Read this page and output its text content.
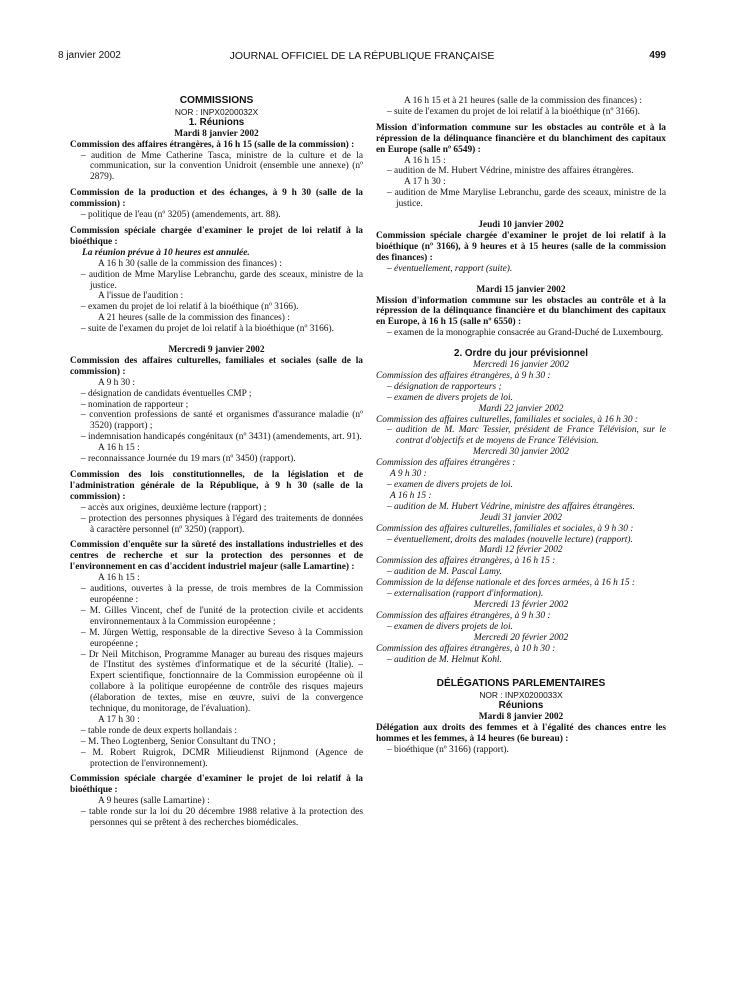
8 janvier 2002	JOURNAL OFFICIEL DE LA RÉPUBLIQUE FRANÇAISE	499

COMMISSIONS

NOR : INPX0200032X

1. Réunions

Mardi 8 janvier 2002

Commission des affaires étrangères, à 16 h 15 (salle de la commission) :

– audition de Mme Catherine Tasca, ministre de la culture et de la communication, sur la convention Unidroit (ensemble une annexe) (nº 2879).

Commission de la production et des échanges, à 9 h 30 (salle de la commission) :

– politique de l'eau (nº 3205) (amendements, art. 88).

Commission spéciale chargée d'examiner le projet de loi relatif à la bioéthique :

La réunion prévue à 10 heures est annulée.

A 16 h 30 (salle de la commission des finances) :

– audition de Mme Marylise Lebranchu, garde des sceaux, ministre de la justice.

A l'issue de l'audition :

– examen du projet de loi relatif à la bioéthique (nº 3166).

A 21 heures (salle de la commission des finances) :

– suite de l'examen du projet de loi relatif à la bioéthique (nº 3166).

Mercredi 9 janvier 2002

Commission des affaires culturelles, familiales et sociales (salle de la commission) :

A 9 h 30 :

– désignation de candidats éventuelles CMP ;

– nomination de rapporteur ;

– convention professions de santé et organismes d'assurance maladie (nº 3520) (rapport) ;

– indemnisation handicapés congénitaux (nº 3431) (amendements, art. 91).

A 16 h 15 :

– reconnaissance Journée du 19 mars (nº 3450) (rapport).

Commission des lois constitutionnelles, de la législation et de l'administration générale de la République, à 9 h 30 (salle de la commission) :

– accès aux origines, deuxième lecture (rapport) ;

– protection des personnes physiques à l'égard des traitements de données à caractère personnel (nº 3250) (rapport).

Commission d'enquête sur la sûreté des installations industrielles et des centres de recherche et sur la protection des personnes et de l'environnement en cas d'accident industriel majeur (salle Lamartine) :

A 16 h 15 :

– auditions, ouvertes à la presse, de trois membres de la Commission européenne :

– M. Gilles Vincent, chef de l'unité de la protection civile et accidents environnementaux à la Commission européenne ;

– M. Jürgen Wettig, responsable de la directive Seveso à la Commission européenne ;

– Dr Neil Mitchison, Programme Manager au bureau des risques majeurs de l'Institut des systèmes d'informatique et de la sécurité (Italie). – Expert scientifique, fonctionnaire de la Commission européenne où il collabore à la politique européenne de contrôle des risques majeurs (élaboration de textes, mise en œuvre, suivi de la convergence technique, du monitorage, de l'évaluation).

A 17 h 30 :

– table ronde de deux experts hollandais :

– M. Theo Logtenberg, Senior Consultant du TNO ;

– M. Robert Ruigrok, DCMR Milieudienst Rijnmond (Agence de protection de l'environnement).

Commission spéciale chargée d'examiner le projet de loi relatif à la bioéthique :

A 9 heures (salle Lamartine) :

– table ronde sur la loi du 20 décembre 1988 relative à la protection des personnes qui se prêtent à des recherches biomédicales.

A 16 h 15 et à 21 heures (salle de la commission des finances) :

– suite de l'examen du projet de loi relatif à la bioéthique (nº 3166).

Mission d'information commune sur les obstacles au contrôle et à la répression de la délinquance financière et du blanchiment des capitaux en Europe (salle nº 6549) :

A 16 h 15 :

– audition de M. Hubert Védrine, ministre des affaires étrangères.

A 17 h 30 :

– audition de Mme Marylise Lebranchu, garde des sceaux, ministre de la justice.

Jeudi 10 janvier 2002

Commission spéciale chargée d'examiner le projet de loi relatif à la bioéthique (nº 3166), à 9 heures et à 15 heures (salle de la commission des finances) :

– éventuellement, rapport (suite).

Mardi 15 janvier 2002

Mission d'information commune sur les obstacles au contrôle et à la répression de la délinquance financière et du blanchiment des capitaux en Europe, à 16 h 15 (salle nº 6550) :

– examen de la monographie consacrée au Grand-Duché de Luxembourg.

2. Ordre du jour prévisionnel

Mercredi 16 janvier 2002

Commission des affaires étrangères, à 9 h 30 :

– désignation de rapporteurs ;

– examen de divers projets de loi.

Mardi 22 janvier 2002

Commission des affaires culturelles, familiales et sociales, à 16 h 30 :

– audition de M. Marc Tessier, président de France Télévision, sur le contrat d'objectifs et de moyens de France Télévision.

Mercredi 30 janvier 2002

Commission des affaires étrangères :

A 9 h 30 :

– examen de divers projets de loi.

A 16 h 15 :

– audition de M. Hubert Védrine, ministre des affaires étrangères.

Jeudi 31 janvier 2002

Commission des affaires culturelles, familiales et sociales, à 9 h 30 :

– éventuellement, droits des malades (nouvelle lecture) (rapport).

Mardi 12 février 2002

Commission des affaires étrangères, à 16 h 15 :

– audition de M. Pascal Lamy.

Commission de la défense nationale et des forces armées, à 16 h 15 :

– externalisation (rapport d'information).

Mercredi 13 février 2002

Commission des affaires étrangères, à 9 h 30 :

– examen de divers projets de loi.

Mercredi 20 février 2002

Commission des affaires étrangères, à 10 h 30 :

– audition de M. Helmut Kohl.

DÉLÉGATIONS PARLEMENTAIRES

NOR : INPX0200033X

Réunions

Mardi 8 janvier 2002

Délégation aux droits des femmes et à l'égalité des chances entre les hommes et les femmes, à 14 heures (6e bureau) :

– bioéthique (nº 3166) (rapport).
